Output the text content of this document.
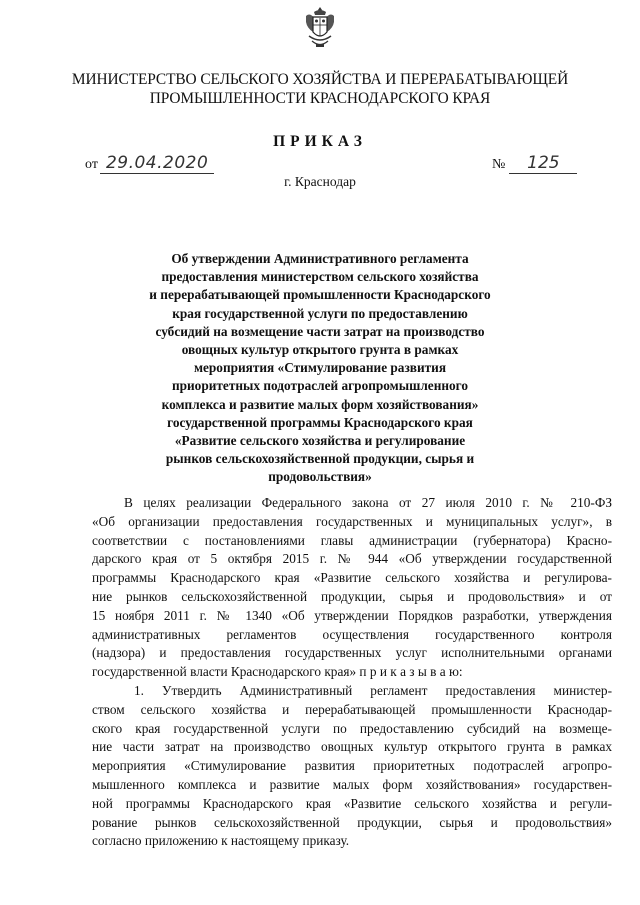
МИНИСТЕРСТВО СЕЛЬСКОГО ХОЗЯЙСТВА И ПЕРЕРАБАТЫВАЮЩЕЙ
ПРОМЫШЛЕННОСТИ КРАСНОДАРСКОГО КРАЯ
ПРИКАЗ
от 29.04.2020	№ 125
г. Краснодар
Об утверждении Административного регламента
предоставления министерством сельского хозяйства
и перерабатывающей промышленности Краснодарского
края государственной услуги по предоставлению
субсидий на возмещение части затрат на производство
овощных культур открытого грунта в рамках
мероприятия «Стимулирование развития
приоритетных подотраслей агропромышленного
комплекса и развитие малых форм хозяйствования»
государственной программы Краснодарского края
«Развитие сельского хозяйства и регулирование
рынков сельскохозяйственной продукции, сырья и
продовольствия»
В целях реализации Федерального закона от 27 июля 2010 г. № 210-ФЗ
«Об организации предоставления государственных и муниципальных услуг», в
соответствии с постановлениями главы администрации (губернатора) Красно-
дарского края от 5 октября 2015 г. № 944 «Об утверждении государственной
программы Краснодарского края «Развитие сельского хозяйства и регулирова-
ние рынков сельскохозяйственной продукции, сырья и продовольствия» и от
15 ноября 2011 г. № 1340 «Об утверждении Порядков разработки, утверждения
административных регламентов осуществления государственного контроля
(надзора) и предоставления государственных услуг исполнительными органами
государственной власти Краснодарского края» п р и к а з ы в а ю:
1. Утвердить Административный регламент предоставления министер-
ством сельского хозяйства и перерабатывающей промышленности Краснодар-
ского края государственной услуги по предоставлению субсидий на возмеще-
ние части затрат на производство овощных культур открытого грунта в рамках
мероприятия «Стимулирование развития приоритетных подотраслей агропро-
мышленного комплекса и развитие малых форм хозяйствования» государствен-
ной программы Краснодарского края «Развитие сельского хозяйства и регули-
рование рынков сельскохозяйственной продукции, сырья и продовольствия»
согласно приложению к настоящему приказу.
